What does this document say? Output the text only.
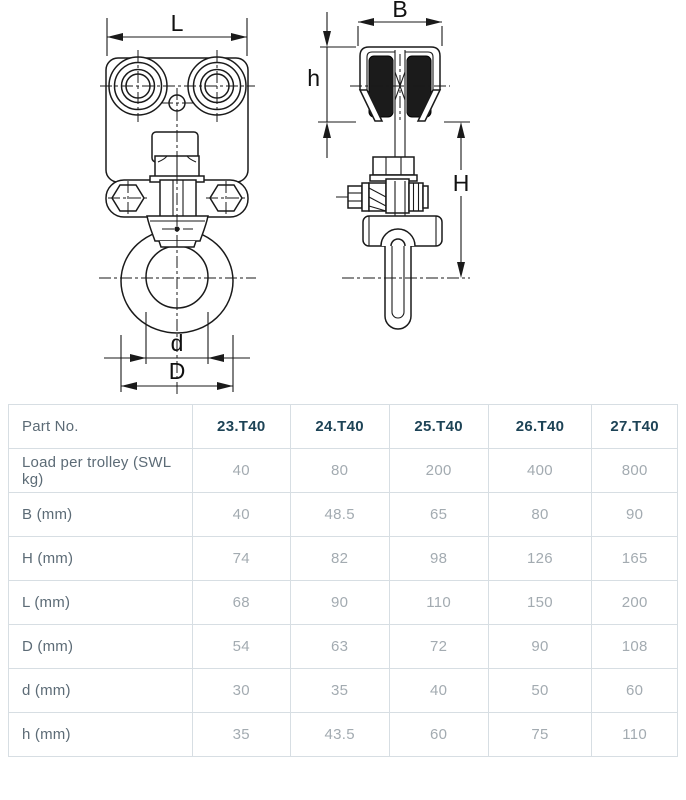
L
d
D
B
h
H
Part No.	23.T40	24.T40	25.T40	26.T40	27.T40
Load per trolley (SWL kg)	40	80	200	400	800
B (mm)	40	48.5	65	80	90
H (mm)	74	82	98	126	165
L (mm)	68	90	110	150	200
D (mm)	54	63	72	90	108
d (mm)	30	35	40	50	60
h (mm)	35	43.5	60	75	110
